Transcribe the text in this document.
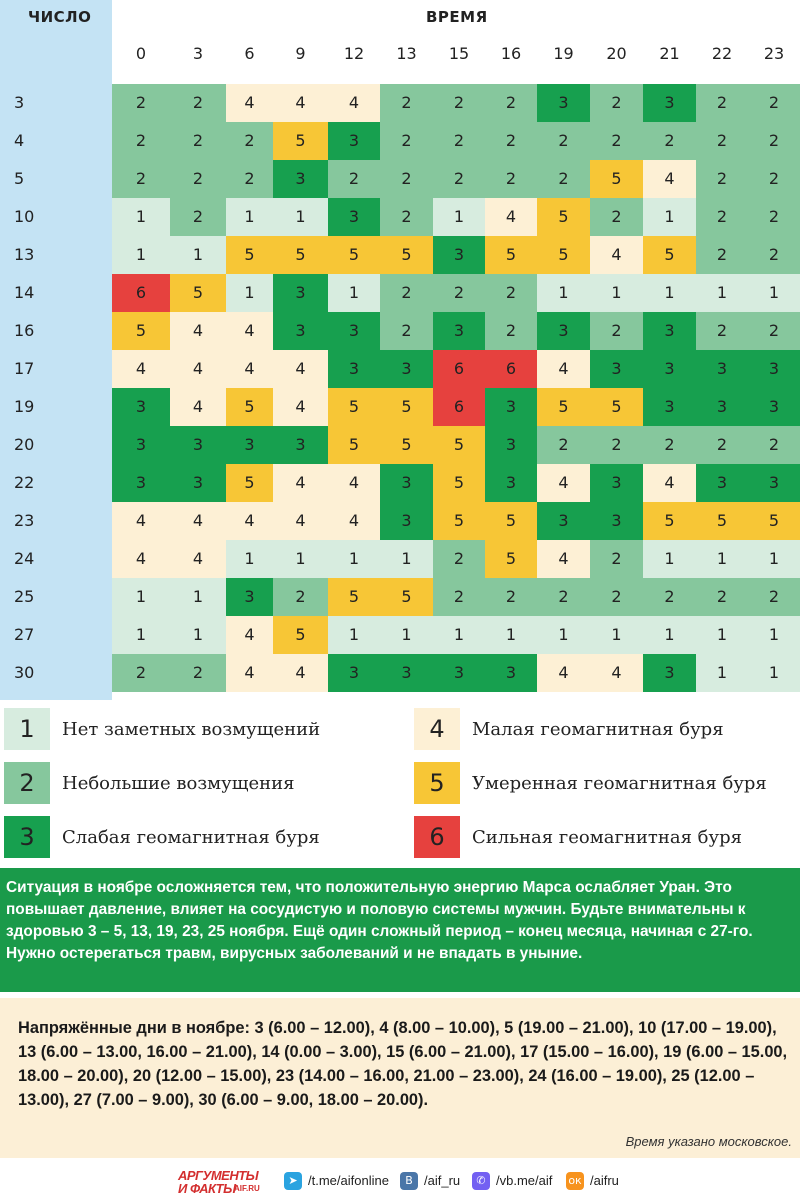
ЧИСЛО	ВРЕМЯ
0	3	6	9	12	13	15	16	19	20	21	22	23
3	2	2	4	4	4	2	2	2	3	2	3	2	2
4	2	2	2	5	3	2	2	2	2	2	2	2	2
5	2	2	2	3	2	2	2	2	2	5	4	2	2
10	1	2	1	1	3	2	1	4	5	2	1	2	2
13	1	1	5	5	5	5	3	5	5	4	5	2	2
14	6	5	1	3	1	2	2	2	1	1	1	1	1
16	5	4	4	3	3	2	3	2	3	2	3	2	2
17	4	4	4	4	3	3	6	6	4	3	3	3	3
19	3	4	5	4	5	5	6	3	5	5	3	3	3
20	3	3	3	3	5	5	5	3	2	2	2	2	2
22	3	3	5	4	4	3	5	3	4	3	4	3	3
23	4	4	4	4	4	3	5	5	3	3	5	5	5
24	4	4	1	1	1	1	2	5	4	2	1	1	1
25	1	1	3	2	5	5	2	2	2	2	2	2	2
27	1	1	4	5	1	1	1	1	1	1	1	1	1
30	2	2	4	4	3	3	3	3	4	4	3	1	1
1	Нет заметных возмущений
2	Небольшие возмущения
3	Слабая геомагнитная буря
4	Малая геомагнитная буря
5	Умеренная геомагнитная буря
6	Сильная геомагнитная буря
Ситуация в ноябре осложняется тем, что положительную энергию Марса ослабляет Уран. Это повышает давление, влияет на сосудистую и половую системы мужчин. Будьте внимательны к здоровью 3 – 5, 13, 19, 23, 25 ноября. Ещё один сложный период – конец месяца, начиная с 27-го. Нужно остерегаться травм, вирусных заболеваний и не впадать в уныние.
Напряжённые дни в ноябре: 3 (6.00 – 12.00), 4 (8.00 – 10.00), 5 (19.00 – 21.00), 10 (17.00 – 19.00), 13 (6.00 – 13.00, 16.00 – 21.00), 14 (0.00 – 3.00), 15 (6.00 – 21.00), 17 (15.00 – 16.00), 19 (6.00 – 15.00, 18.00 – 20.00), 20 (12.00 – 15.00), 23 (14.00 – 16.00, 21.00 – 23.00), 24 (16.00 – 19.00), 25 (12.00 – 13.00), 27 (7.00 – 9.00), 30 (6.00 – 9.00, 18.00 – 20.00).
Время указано московское.
АРГУМЕНТЫ
И ФАКТЫ
AIF.RU
➤ /t.me/aifonline	В /aif_ru	✆ /vb.me/aif ок /aifru
